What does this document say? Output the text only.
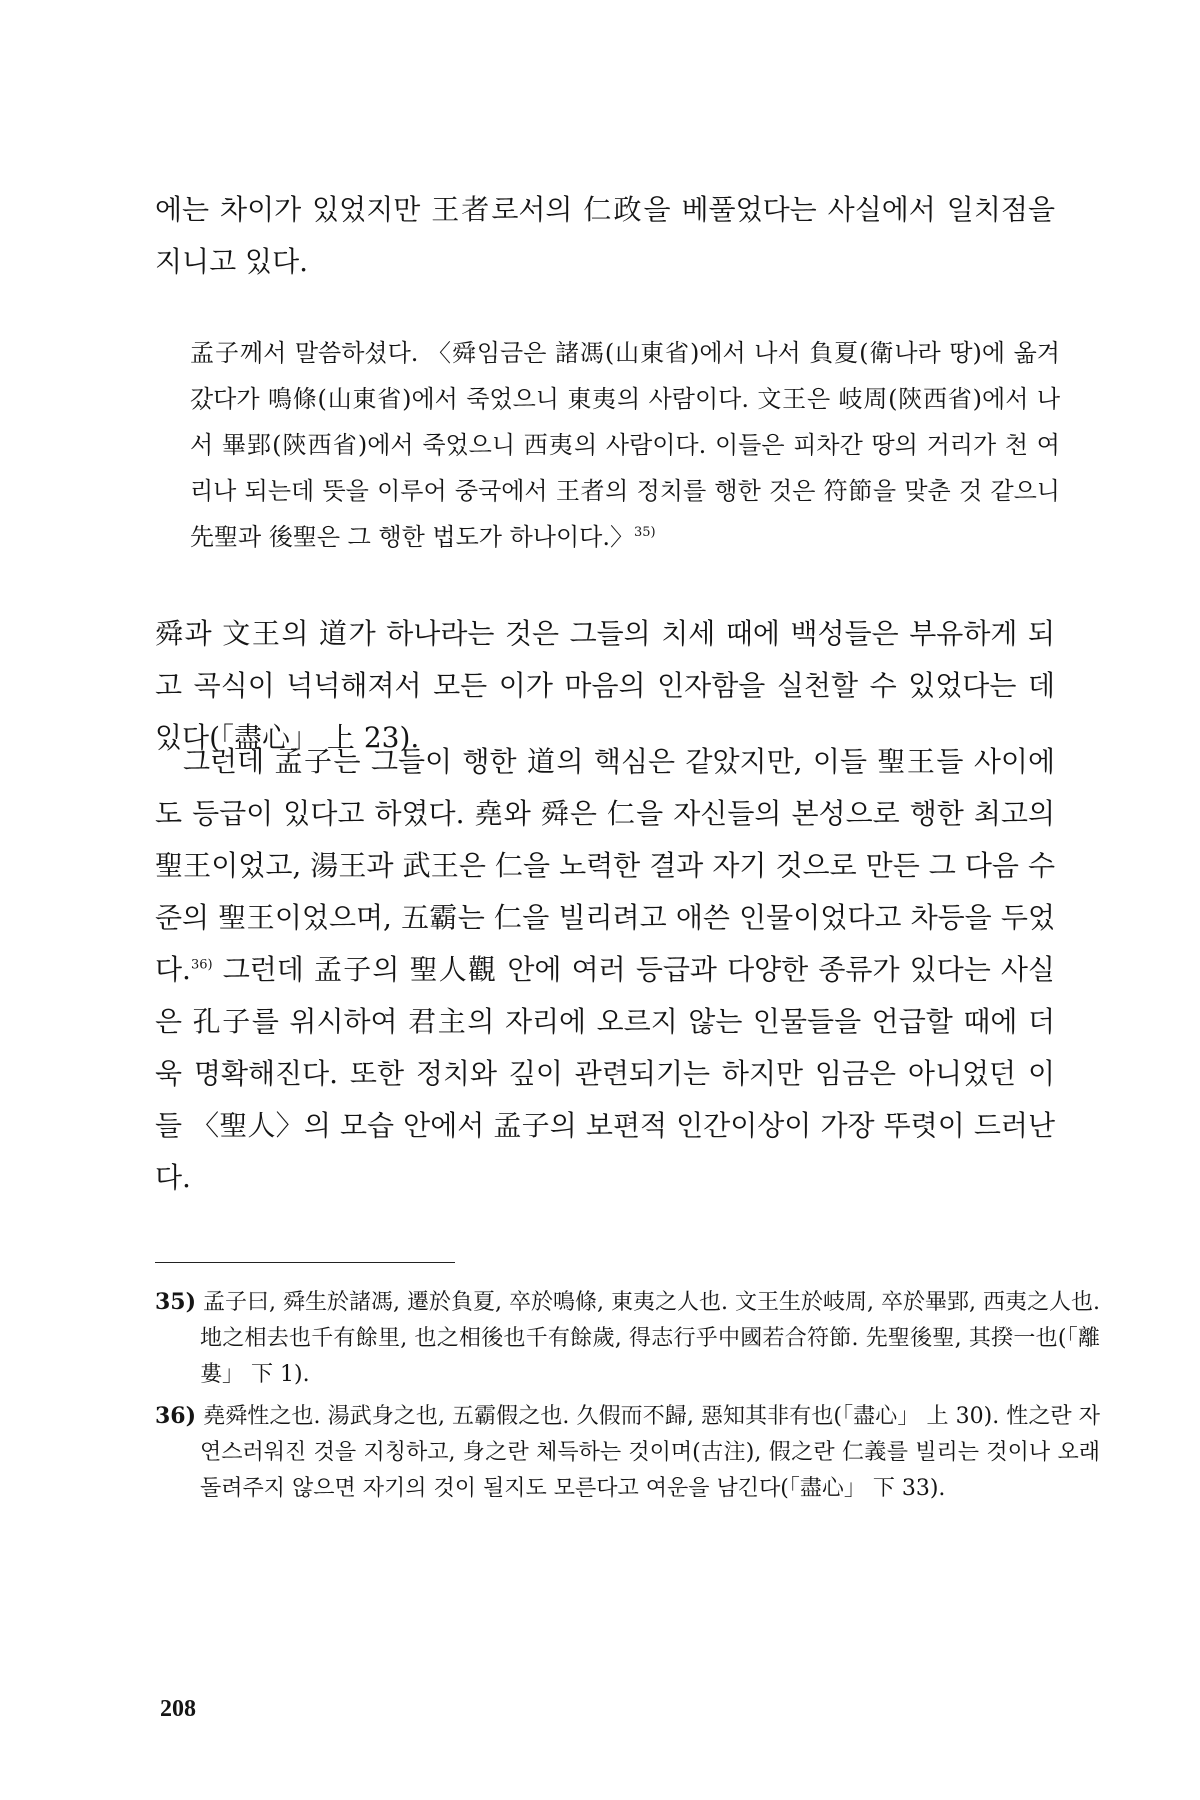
에는 차이가 있었지만 王者로서의 仁政을 베풀었다는 사실에서 일치점을 지니고 있다.

孟子께서 말씀하셨다. 〈舜임금은 諸馮(山東省)에서 나서 負夏(衛나라 땅)에 옮겨 갔다가 鳴條(山東省)에서 죽었으니 東夷의 사람이다. 文王은 岐周(陝西省)에서 나서 畢郢(陝西省)에서 죽었으니 西夷의 사람이다. 이들은 피차간 땅의 거리가 천 여 리나 되는데 뜻을 이루어 중국에서 王者의 정치를 행한 것은 符節을 맞춘 것 같으니 先聖과 後聖은 그 행한 법도가 하나이다.〉$^{35)}$

舜과 文王의 道가 하나라는 것은 그들의 치세 때에 백성들은 부유하게 되고 곡식이 넉넉해져서 모든 이가 마음의 인자함을 실천할 수 있었다는 데 있다(「盡心」 上 23).

그런데 孟子는 그들이 행한 道의 핵심은 같았지만, 이들 聖王들 사이에도 등급이 있다고 하였다. 堯와 舜은 仁을 자신들의 본성으로 행한 최고의 聖王이었고, 湯王과 武王은 仁을 노력한 결과 자기 것으로 만든 그 다음 수준의 聖王이었으며, 五霸는 仁을 빌리려고 애쓴 인물이었다고 차등을 두었다.$^{36)}$ 그런데 孟子의 聖人觀 안에 여러 등급과 다양한 종류가 있다는 사실은 孔子를 위시하여 君主의 자리에 오르지 않는 인물들을 언급할 때에 더욱 명확해진다. 또한 정치와 깊이 관련되기는 하지만 임금은 아니었던 이들 〈聖人〉의 모습 안에서 孟子의 보편적 인간이상이 가장 뚜렷이 드러난다.

35) 孟子曰, 舜生於諸馮, 遷於負夏, 卒於鳴條, 東夷之人也. 文王生於岐周, 卒於畢郢, 西夷之人也. 地之相去也千有餘里, 也之相後也千有餘歲, 得志行乎中國若合符節. 先聖後聖, 其揆一也(「離婁」 下 1).

36) 堯舜性之也. 湯武身之也, 五霸假之也. 久假而不歸, 惡知其非有也(「盡心」 上 30). 性之란 자연스러워진 것을 지칭하고, 身之란 체득하는 것이며(古注), 假之란 仁義를 빌리는 것이나 오래 돌려주지 않으면 자기의 것이 될지도 모른다고 여운을 남긴다(「盡心」 下 33).

208
